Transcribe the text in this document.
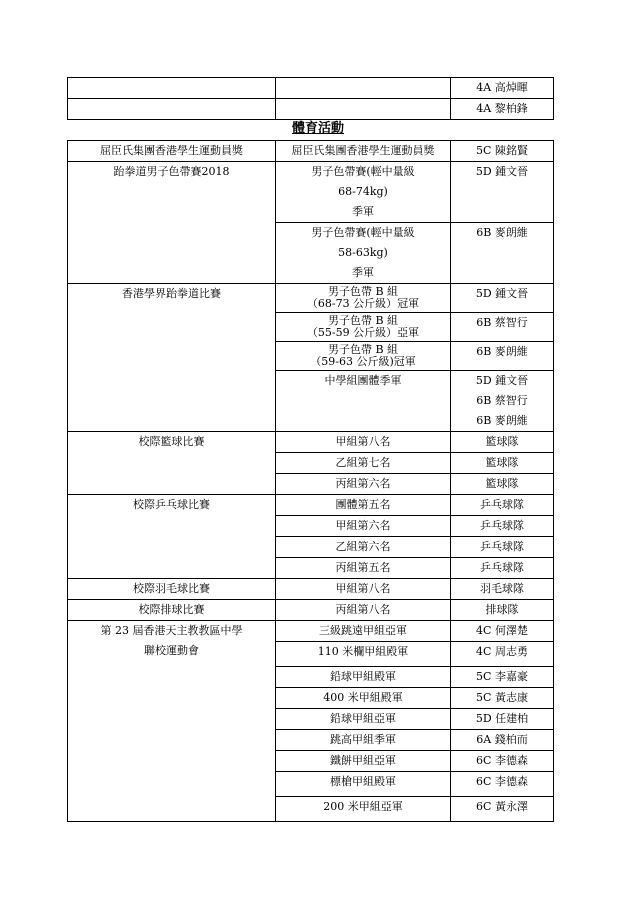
		4A 高焯暉
		4A 黎柏鋒
體育活動
屈臣氏集團香港學生運動員獎	屈臣氏集團香港學生運動員獎	5C 陳銘賢
跆拳道男子色帶賽2018	男子色帶賽(輕中量級
68-74kg)
季軍	5D 鍾文晉

	男子色帶賽(輕中量級
58-63kg)
季軍	6B 麥朗維
香港學界跆拳道比賽	男子色帶 B 組
（68-73 公斤級）冠軍	5D 鍾文晉

	男子色帶 B 組
（55-59 公斤級）亞軍	6B 蔡智行

	男子色帶 B 組
（59-63 公斤級)冠軍	6B 麥朗維
	中學組團體季軍	5D 鍾文晉
6B 蔡智行
6B 麥朗維

校際籃球比賽	甲組第八名	籃球隊
	乙組第七名	籃球隊
	丙組第六名	籃球隊
校際乒乓球比賽	團體第五名	乒乓球隊
	甲組第六名	乒乓球隊
	乙組第六名	乒乓球隊
	丙組第五名	乒乓球隊
校際羽毛球比賽	甲組第八名	羽毛球隊
校際排球比賽	丙組第八名	排球隊

第 23 屆香港天主教教區中學
聯校運動會	三級跳遠甲組亞軍	4C 何澤楚
	110 米欄甲組殿軍	4C 周志勇
	鉛球甲組殿軍	5C 李嘉豪
	400 米甲組殿軍	5C 黃志康
	鉛球甲組亞軍	5D 任建柏
	跳高甲組季軍	6A 錢柏而
	鐵餅甲組亞軍	6C 李德森
	標槍甲組殿軍	6C 李德森
	200 米甲組亞軍	6C 黃永澤
